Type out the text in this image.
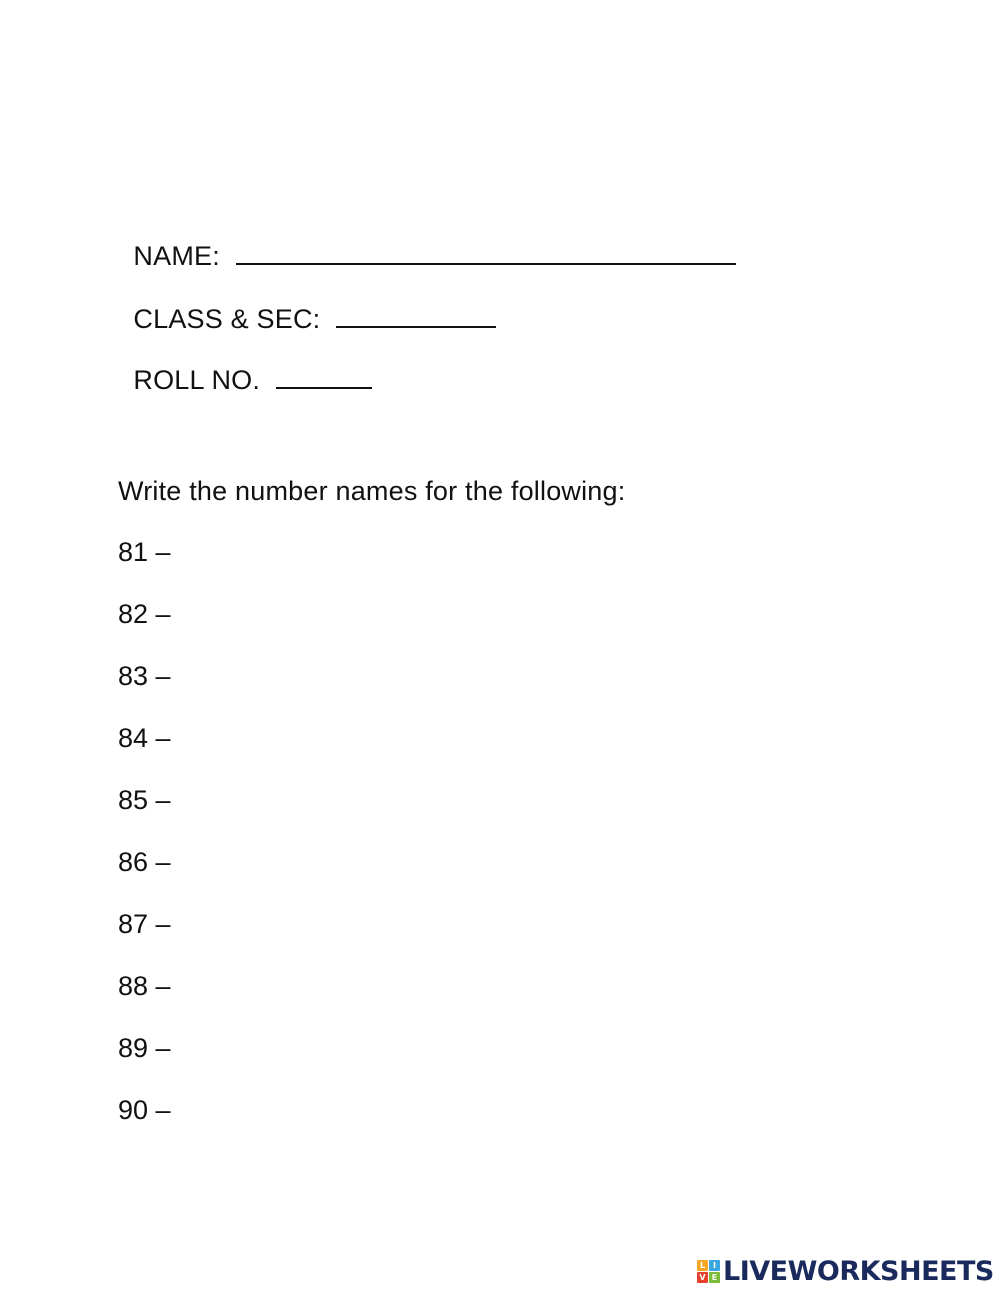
NAME:

CLASS & SEC:

ROLL NO.

Write the number names for the following:
81 –
82 –
83 –
84 –
85 –
86 –
87 –
88 –
89 –
90 –
L I
V E LIVEWORKSHEETS
